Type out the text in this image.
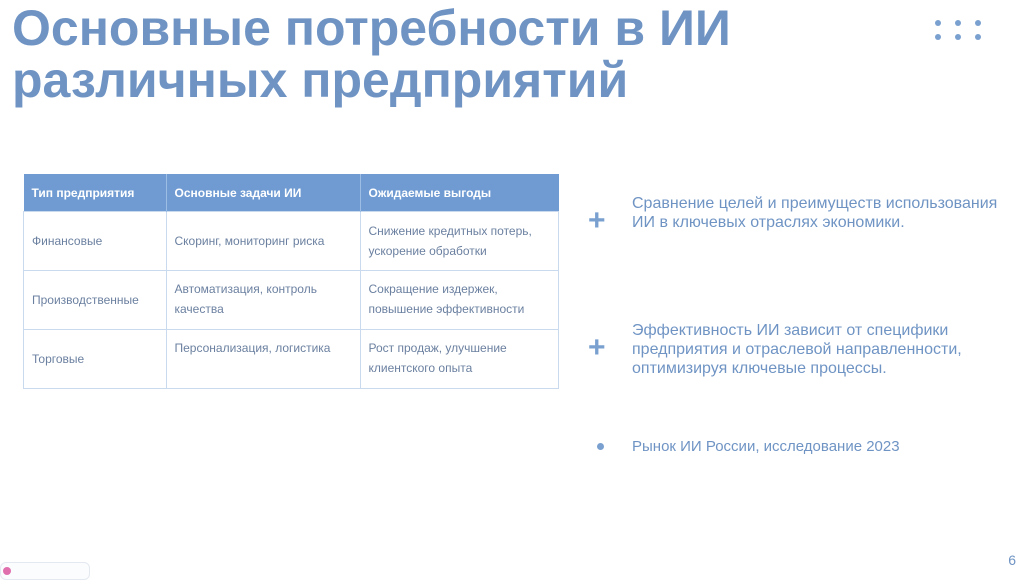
Основные потребности в ИИ
различных предприятий
Тип предприятия	Основные задачи ИИ	Ожидаемые выгоды
Финансовые	Скоринг, мониторинг риска	Снижение кредитных потерь, ускорение обработки
Производственные	Автоматизация, контроль качества	Сокращение издержек, повышение эффективности
Торговые	Персонализация, логистика	Рост продаж, улучшение клиентского опыта
+
Сравнение целей и преимуществ использования ИИ в ключевых отраслях экономики.
+
Эффективность ИИ зависит от специфики предприятия и отраслевой направленности, оптимизируя ключевые процессы.
Рынок ИИ России, исследование 2023
6
